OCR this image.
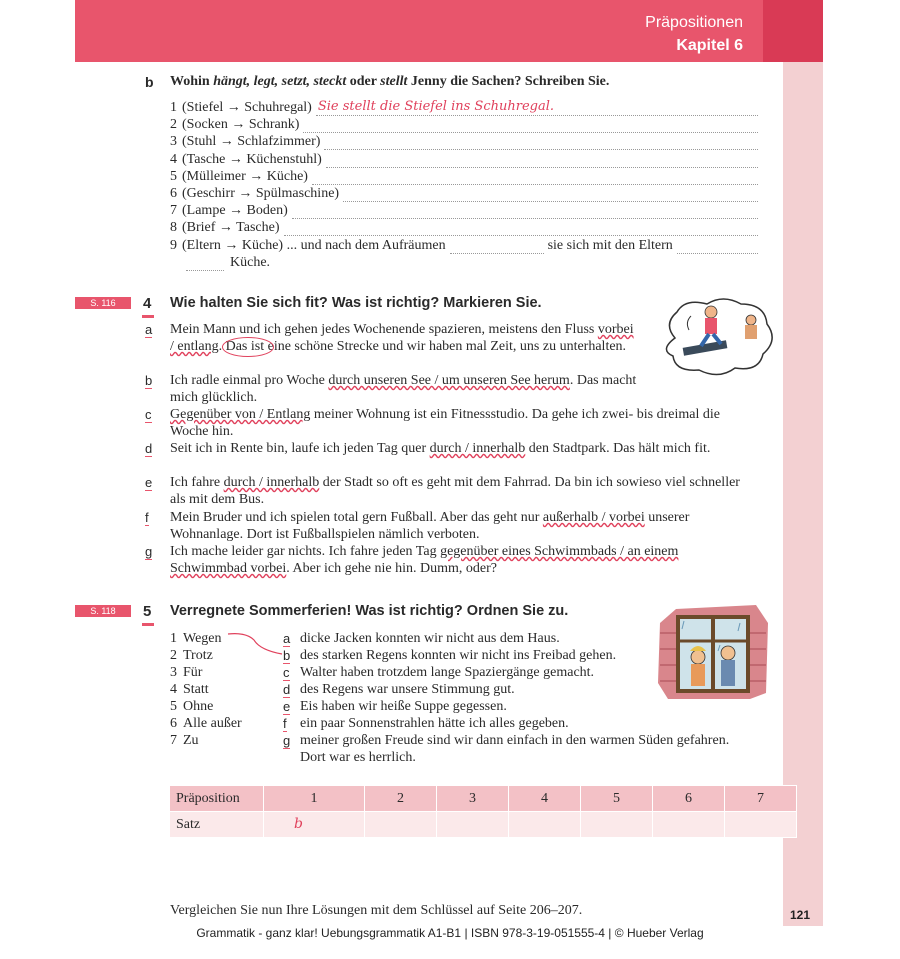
Präpositionen
Kapitel 6
121
b Wohin hängt, legt, setzt, steckt oder stellt Jenny die Sachen? Schreiben Sie.
1 (Stiefel → Schuhregal) Sie stellt die Stiefel ins Schuhregal.
2 (Socken → Schrank)
3 (Stuhl → Schlafzimmer)
4 (Tasche → Küchenstuhl)
5 (Mülleimer → Küche)
6 (Geschirr → Spülmaschine)
7 (Lampe → Boden)
8 (Brief → Tasche)
9 (Eltern → Küche) ... und nach dem Aufräumen	sie sich mit den Eltern
Küche.
S. 116	4 Wie halten Sie sich fit? Was ist richtig? Markieren Sie.
a Mein Mann und ich gehen jedes Wochenende spazieren, meistens den Fluss vorbei / entlang. Das ist eine schöne Strecke und wir haben mal Zeit, uns zu unterhalten.
b Ich radle einmal pro Woche durch unseren See / um unseren See herum. Das macht mich glücklich.
c Gegenüber von / Entlang meiner Wohnung ist ein Fitnessstudio. Da gehe ich zwei- bis dreimal die Woche hin.
d Seit ich in Rente bin, laufe ich jeden Tag quer durch / innerhalb den Stadtpark. Das hält mich fit.
e Ich fahre durch / innerhalb der Stadt so oft es geht mit dem Fahrrad. Da bin ich sowieso viel schneller als mit dem Bus.
f Mein Bruder und ich spielen total gern Fußball. Aber das geht nur außerhalb / vorbei unserer Wohnanlage. Dort ist Fußballspielen nämlich verboten.
g Ich mache leider gar nichts. Ich fahre jeden Tag gegenüber eines Schwimmbads / an einem Schwimmbad vorbei. Aber ich gehe nie hin. Dumm, oder?
S. 118	5 Verregnete Sommerferien! Was ist richtig? Ordnen Sie zu.
1 Wegen
2 Trotz
3 Für
4 Statt
5 Ohne
6 Alle außer
7 Zu
a dicke Jacken konnten wir nicht aus dem Haus.
b des starken Regens konnten wir nicht ins Freibad gehen.
c Walter haben trotzdem lange Spaziergänge gemacht.
d des Regens war unsere Stimmung gut.
e Eis haben wir heiße Suppe gegessen.
f ein paar Sonnenstrahlen hätte ich alles gegeben.
g meiner großen Freude sind wir dann einfach in den warmen Süden gefahren.
Dort war es herrlich.
Präposition	1	2	3	4	5	6	7
Satz	b						
Vergleichen Sie nun Ihre Lösungen mit dem Schlüssel auf Seite 206–207.
Grammatik - ganz klar! Uebungsgrammatik A1-B1 | ISBN 978-3-19-051555-4 | © Hueber Verlag
